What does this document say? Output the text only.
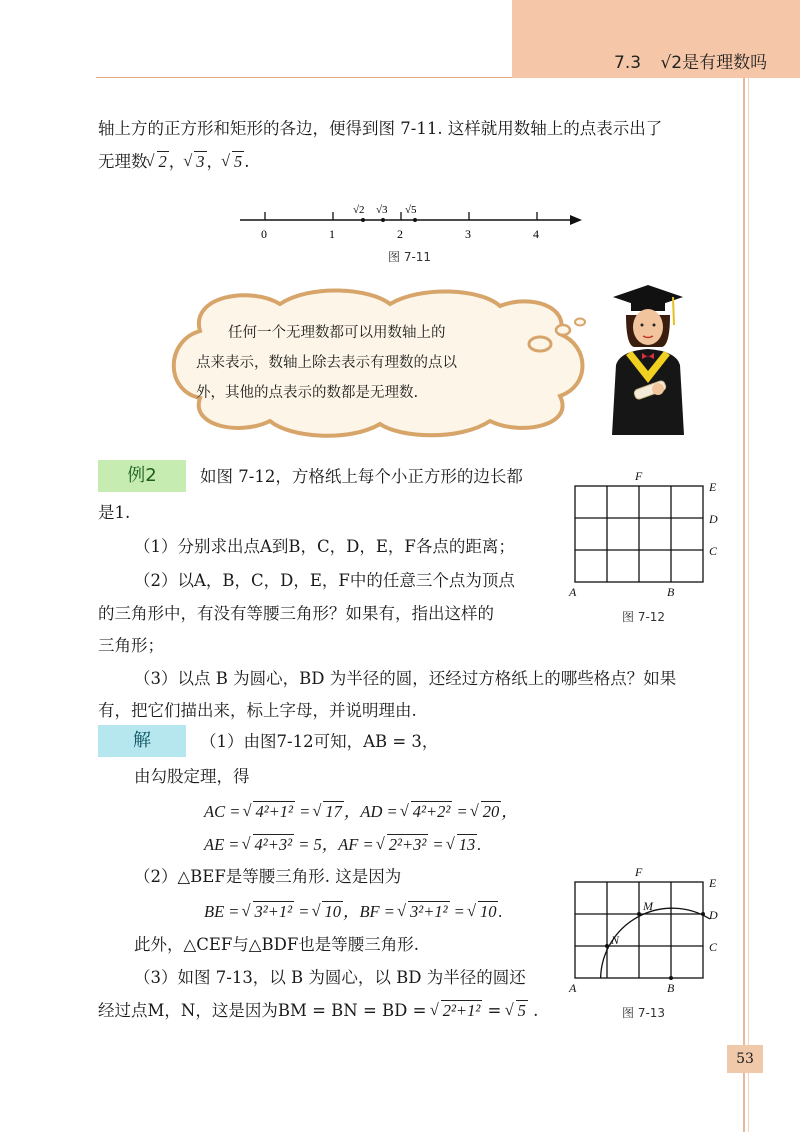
7.3 √2是有理数吗
轴上方的正方形和矩形的各边，便得到图 7-11. 这样就用数轴上的点表示出了
无理数 √ 2 ， √ 3 ， √ 5 .
√2 √3 √5
0	1	2	3	4
图 7-11
任何一个无理数都可以用数轴上的
点来表示，数轴上除去表示有理数的点以
外，其他的点表示的数都是无理数.
例2	如图 7-12，方格纸上每个小正方形的边长都
是1.
（1）分别求出点A到B，C，D，E，F各点的距离；
（2）以A，B，C，D，E，F中的任意三个点为顶点
的三角形中，有没有等腰三角形？如果有，指出这样的
三角形；
（3）以点 B 为圆心，BD 为半径的圆，还经过方格纸上的哪些格点？如果
有，把它们描出来，标上字母，并说明理由.
A	B
C
D
E
F
图 7-12
解	（1）由图7-12可知，AB = 3，
由勾股定理，得
AC = √ 4²+1² = √ 17 ，AD = √ 4²+2² = √ 20 ，
AE = √ 4²+3² = 5，AF = √ 2²+3² = √ 13 .
（2）△BEF是等腰三角形. 这是因为
BE = √ 3²+1² = √ 10 ，BF = √ 3²+1² = √ 10 .
此外，△CEF与△BDF也是等腰三角形.
（3）如图 7-13，以 B 为圆心，以 BD 为半径的圆还
经过点M，N，这是因为BM = BN = BD = √ 2²+1² = √ 5 .
A	B
C
D
E
F
M
N
图 7-13
53
